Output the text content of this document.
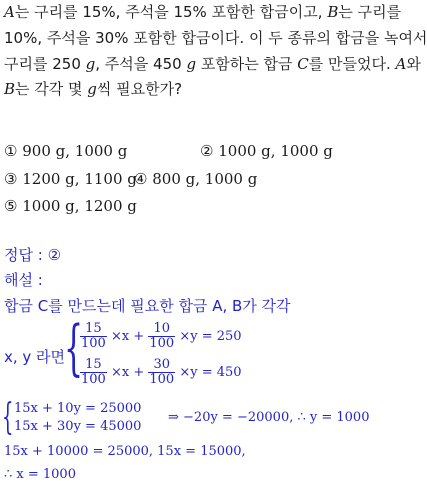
A는 구리를 15%, 주석을 15% 포함한 합금이고, B는 구리를
10%, 주석을 30% 포함한 합금이다. 이 두 종류의 합금을 녹여서
구리를 250 g, 주석을 450 g 포함하는 합금 C를 만들었다. A와
B는 각각 몇 g씩 필요한가?
① 900 g, 1000 g	② 1000 g, 1000 g
③ 1200 g, 1100 g
④ 800 g, 1000 g
⑤ 1000 g, 1200 g
정답 : ②
해설 :
합금 C를 만드는데 필요한 합금 A, B가 각각
x, y 라면
{
$\frac{15}{100} \times x + \frac{10}{100} \times y = 250$
$\frac{15}{100} \times x + \frac{30}{100} \times y = 450$
{ 15x + 10y = 25000
15x + 30y = 45000
⇒ −20y = −20000, ∴ y = 1000
15x + 10000 = 25000, 15x = 15000,
∴ x = 1000
